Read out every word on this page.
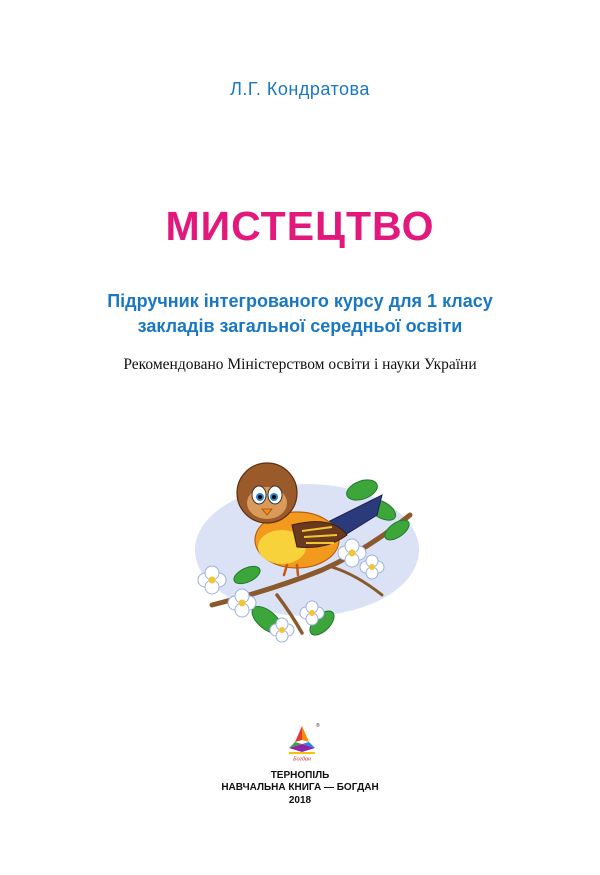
Л.Г. Кондратова
МИСТЕЦТВО
Підручник інтегрованого курсу для 1 класу
закладів загальної середньої освіти
Рекомендовано Міністерством освіти і науки України
Богдан
®
ТЕРНОПІЛЬ
НАВЧАЛЬНА КНИГА — БОГДАН
2018
